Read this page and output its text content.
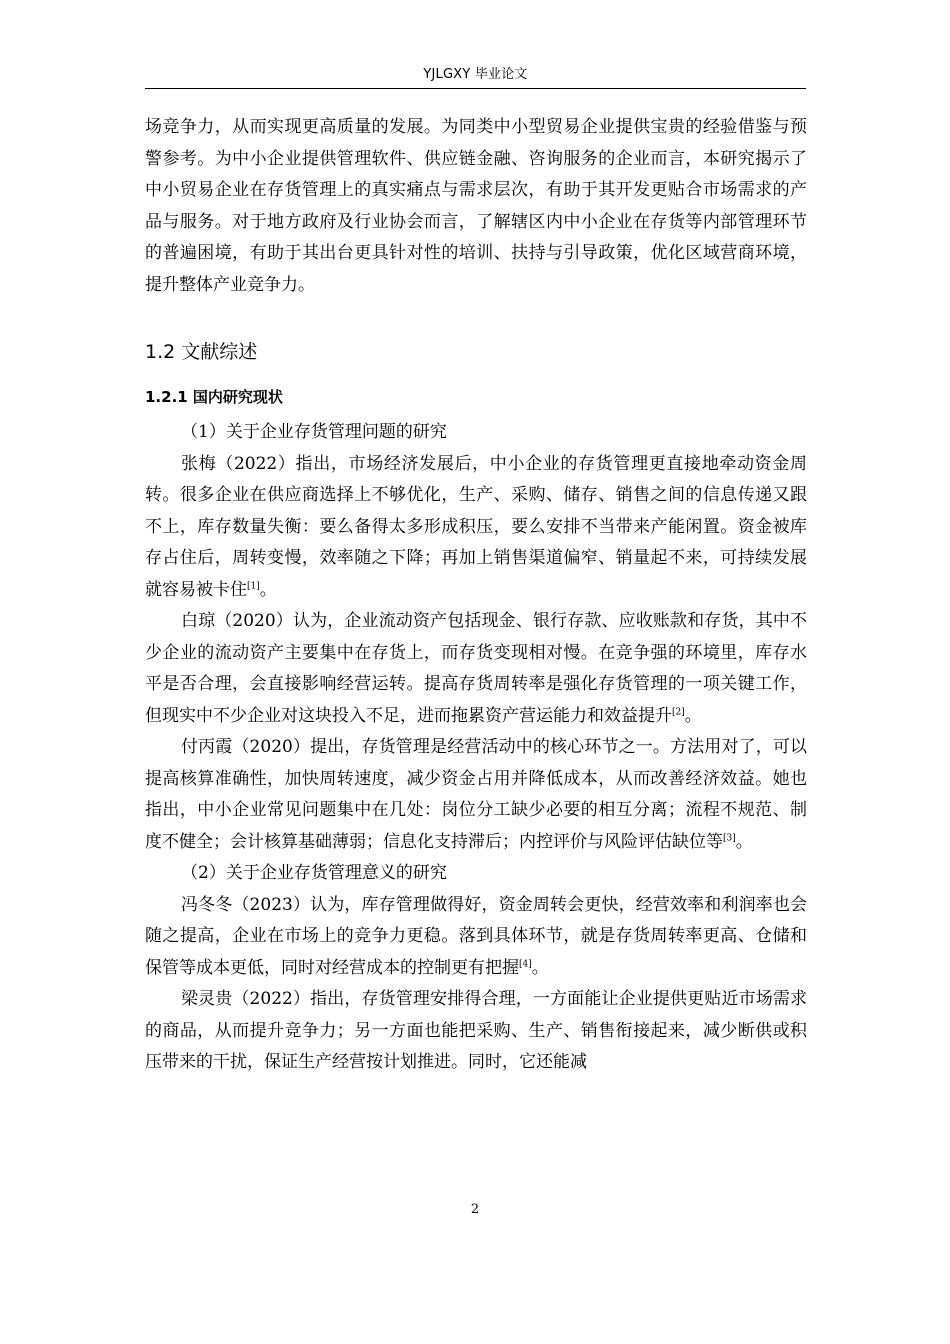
YJLGXY 毕业论文

场竞争力，从而实现更高质量的发展。为同类中小型贸易企业提供宝贵的经验借鉴与预警参考。为中小企业提供管理软件、供应链金融、咨询服务的企业而言，本研究揭示了中小贸易企业在存货管理上的真实痛点与需求层次，有助于其开发更贴合市场需求的产品与服务。对于地方政府及行业协会而言，了解辖区内中小企业在存货等内部管理环节的普遍困境，有助于其出台更具针对性的培训、扶持与引导政策，优化区域营商环境，提升整体产业竞争力。

1.2 文献综述
1.2.1 国内研究现状

（1）关于企业存货管理问题的研究

张梅（2022）指出，市场经济发展后，中小企业的存货管理更直接地牵动资金周转。很多企业在供应商选择上不够优化，生产、采购、储存、销售之间的信息传递又跟不上，库存数量失衡：要么备得太多形成积压，要么安排不当带来产能闲置。资金被库存占住后，周转变慢，效率随之下降；再加上销售渠道偏窄、销量起不来，可持续发展就容易被卡住[1]。

白琼（2020）认为，企业流动资产包括现金、银行存款、应收账款和存货，其中不少企业的流动资产主要集中在存货上，而存货变现相对慢。在竞争强的环境里，库存水平是否合理，会直接影响经营运转。提高存货周转率是强化存货管理的一项关键工作，但现实中不少企业对这块投入不足，进而拖累资产营运能力和效益提升[2]。

付丙霞（2020）提出，存货管理是经营活动中的核心环节之一。方法用对了，可以提高核算准确性，加快周转速度，减少资金占用并降低成本，从而改善经济效益。她也指出，中小企业常见问题集中在几处：岗位分工缺少必要的相互分离；流程不规范、制度不健全；会计核算基础薄弱；信息化支持滞后；内控评价与风险评估缺位等[3]。

（2）关于企业存货管理意义的研究

冯冬冬（2023）认为，库存管理做得好，资金周转会更快，经营效率和利润率也会随之提高，企业在市场上的竞争力更稳。落到具体环节，就是存货周转率更高、仓储和保管等成本更低，同时对经营成本的控制更有把握[4]。

梁灵贵（2022）指出，存货管理安排得合理，一方面能让企业提供更贴近市场需求的商品，从而提升竞争力；另一方面也能把采购、生产、销售衔接起来，减少断供或积压带来的干扰，保证生产经营按计划推进。同时，它还能减

2
